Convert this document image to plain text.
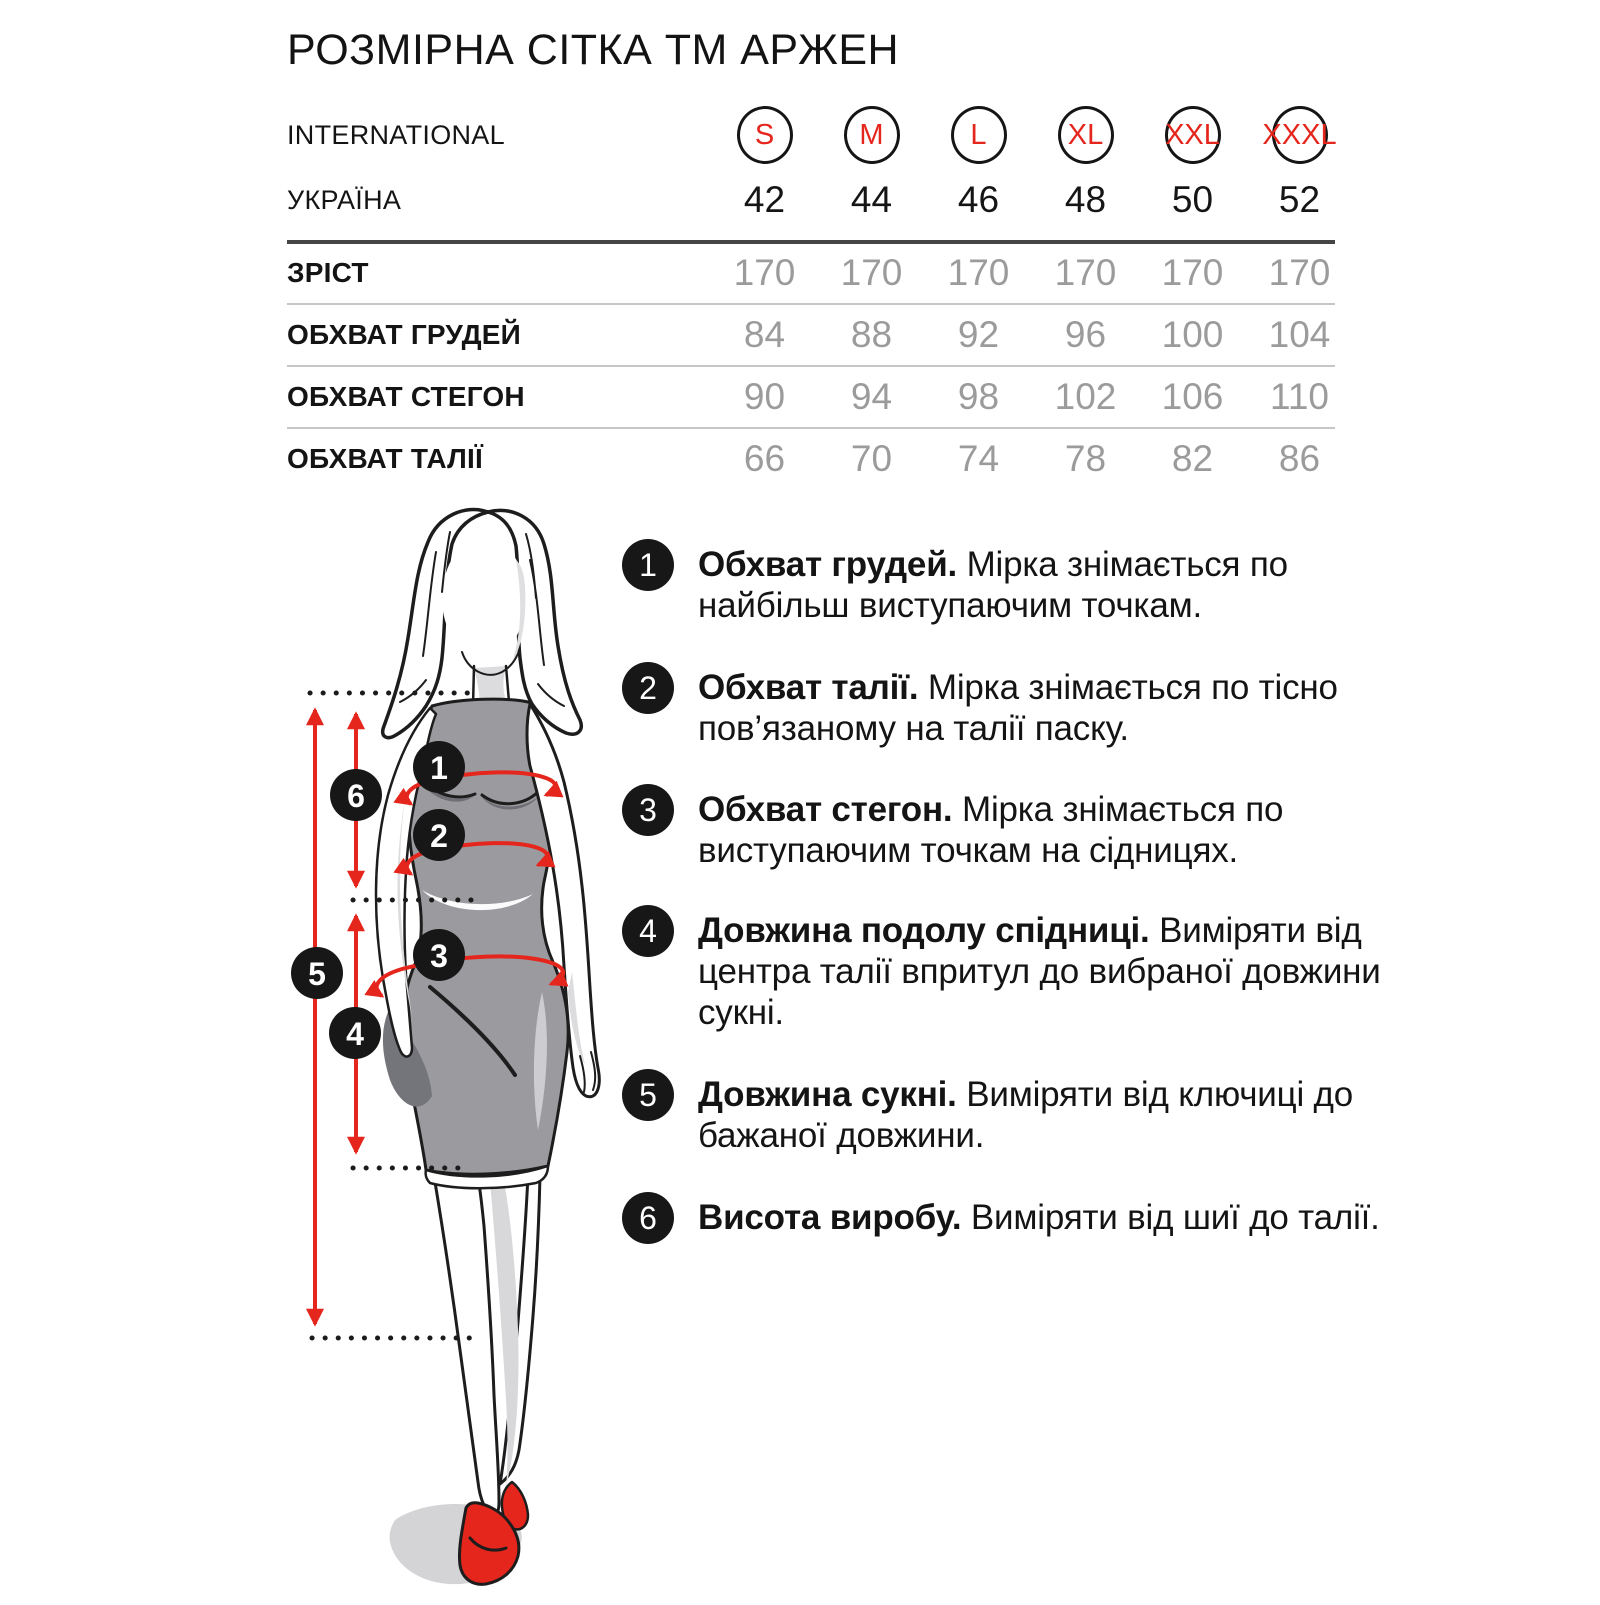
РОЗМІРНА СІТКА ТМ АРЖЕН
INTERNATIONAL	S	M	L	XL XXL XXXL
УКРАЇНА	42 44 46 48 50 52
ЗРІСТ	170 170 170 170 170 170
ОБХВАТ ГРУДЕЙ	84 88 92 96 100 104
ОБХВАТ СТЕГОН	90 94 98 102 106 110
ОБХВАТ ТАЛІЇ	66 70 74 78 82 86
1
2
3
4
5
6
1 Обхват грудей. Мірка знімається по найбільш виступаючим точкам.

2 Обхват талії. Мірка знімається по тісно пов’язаному на талії паску.

3 Обхват стегон. Мірка знімається по виступаючим точкам на сідницях.

4 Довжина подолу спідниці. Виміряти від центра талії впритул до вибраної довжини сукні.

5 Довжина сукні. Виміряти від ключиці до бажаної довжини.

6 Висота виробу. Виміряти від шиї до талії.
